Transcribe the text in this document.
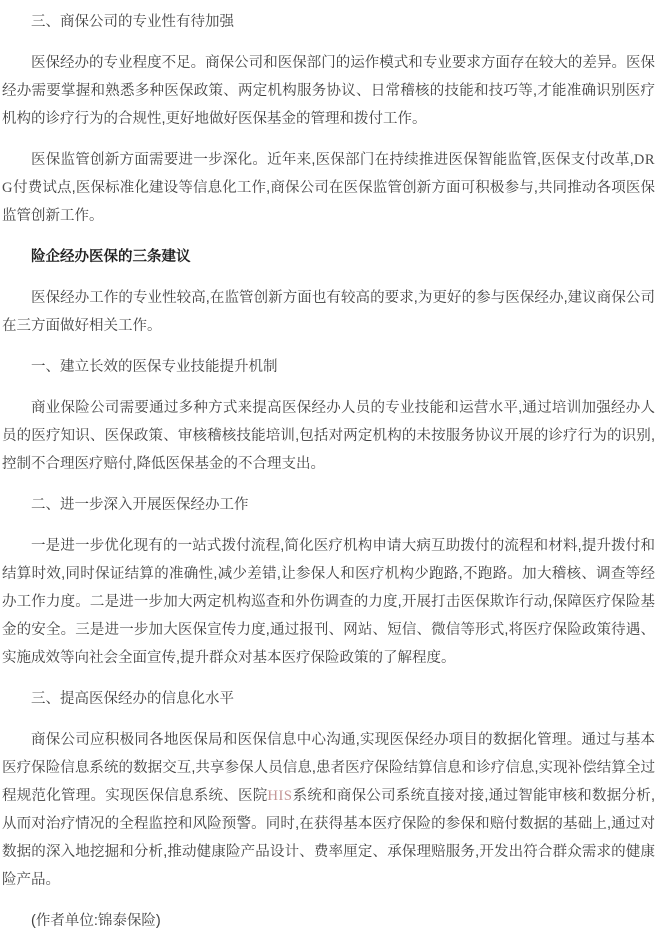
三、商保公司的专业性有待加强

医保经办的专业程度不足。商保公司和医保部门的运作模式和专业要求方面存在较大的差异。医保经办需要掌握和熟悉多种医保政策、两定机构服务协议、日常稽核的技能和技巧等,才能准确识别医疗机构的诊疗行为的合规性,更好地做好医保基金的管理和拨付工作。

医保监管创新方面需要进一步深化。近年来,医保部门在持续推进医保智能监管,医保支付改革,DRG付费试点,医保标准化建设等信息化工作,商保公司在医保监管创新方面可积极参与,共同推动各项医保监管创新工作。

险企经办医保的三条建议

医保经办工作的专业性较高,在监管创新方面也有较高的要求,为更好的参与医保经办,建议商保公司在三方面做好相关工作。

一、建立长效的医保专业技能提升机制

商业保险公司需要通过多种方式来提高医保经办人员的专业技能和运营水平,通过培训加强经办人员的医疗知识、医保政策、审核稽核技能培训,包括对两定机构的未按服务协议开展的诊疗行为的识别,控制不合理医疗赔付,降低医保基金的不合理支出。

二、进一步深入开展医保经办工作

一是进一步优化现有的一站式拨付流程,简化医疗机构申请大病互助拨付的流程和材料,提升拨付和结算时效,同时保证结算的准确性,减少差错,让参保人和医疗机构少跑路,不跑路。加大稽核、调查等经办工作力度。二是进一步加大两定机构巡查和外伤调查的力度,开展打击医保欺诈行动,保障医疗保险基金的安全。三是进一步加大医保宣传力度,通过报刊、网站、短信、微信等形式,将医疗保险政策待遇、实施成效等向社会全面宣传,提升群众对基本医疗保险政策的了解程度。

三、提高医保经办的信息化水平

商保公司应积极同各地医保局和医保信息中心沟通,实现医保经办项目的数据化管理。通过与基本医疗保险信息系统的数据交互,共享参保人员信息,患者医疗保险结算信息和诊疗信息,实现补偿结算全过程规范化管理。实现医保信息系统、医院HIS系统和商保公司系统直接对接,通过智能审核和数据分析,从而对治疗情况的全程监控和风险预警。同时,在获得基本医疗保险的参保和赔付数据的基础上,通过对数据的深入地挖掘和分析,推动健康险产品设计、费率厘定、承保理赔服务,开发出符合群众需求的健康险产品。

(作者单位:锦泰保险)
